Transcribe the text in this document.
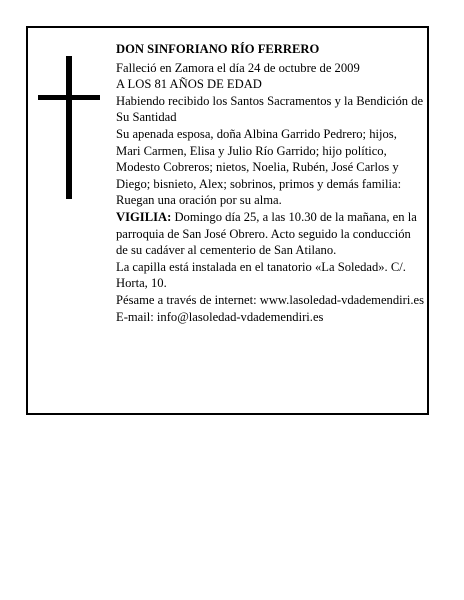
DON SINFORIANO RÍO FERRERO

Falleció en Zamora el día 24 de octubre de 2009

A LOS 81 AÑOS DE EDAD

Habiendo recibido los Santos Sacramentos y la Bendición de Su Santidad

Su apenada esposa, doña Albina Garrido Pedrero; hijos, Mari Carmen, Elisa y Julio Río Garrido; hijo político, Modesto Cobreros; nietos, Noelia, Rubén, José Carlos y Diego; bisnieto, Alex; sobrinos, primos y demás familia:

Ruegan una oración por su alma.

VIGILIA: Domingo día 25, a las 10.30 de la mañana, en la parroquia de San José Obrero. Acto seguido la conducción de su cadáver al cementerio de San Atilano.

La capilla está instalada en el tanatorio «La Soledad». C/. Horta, 10.

Pésame a través de internet: www.lasoledad-vdademendiri.es

E-mail: info@lasoledad-vdademendiri.es
